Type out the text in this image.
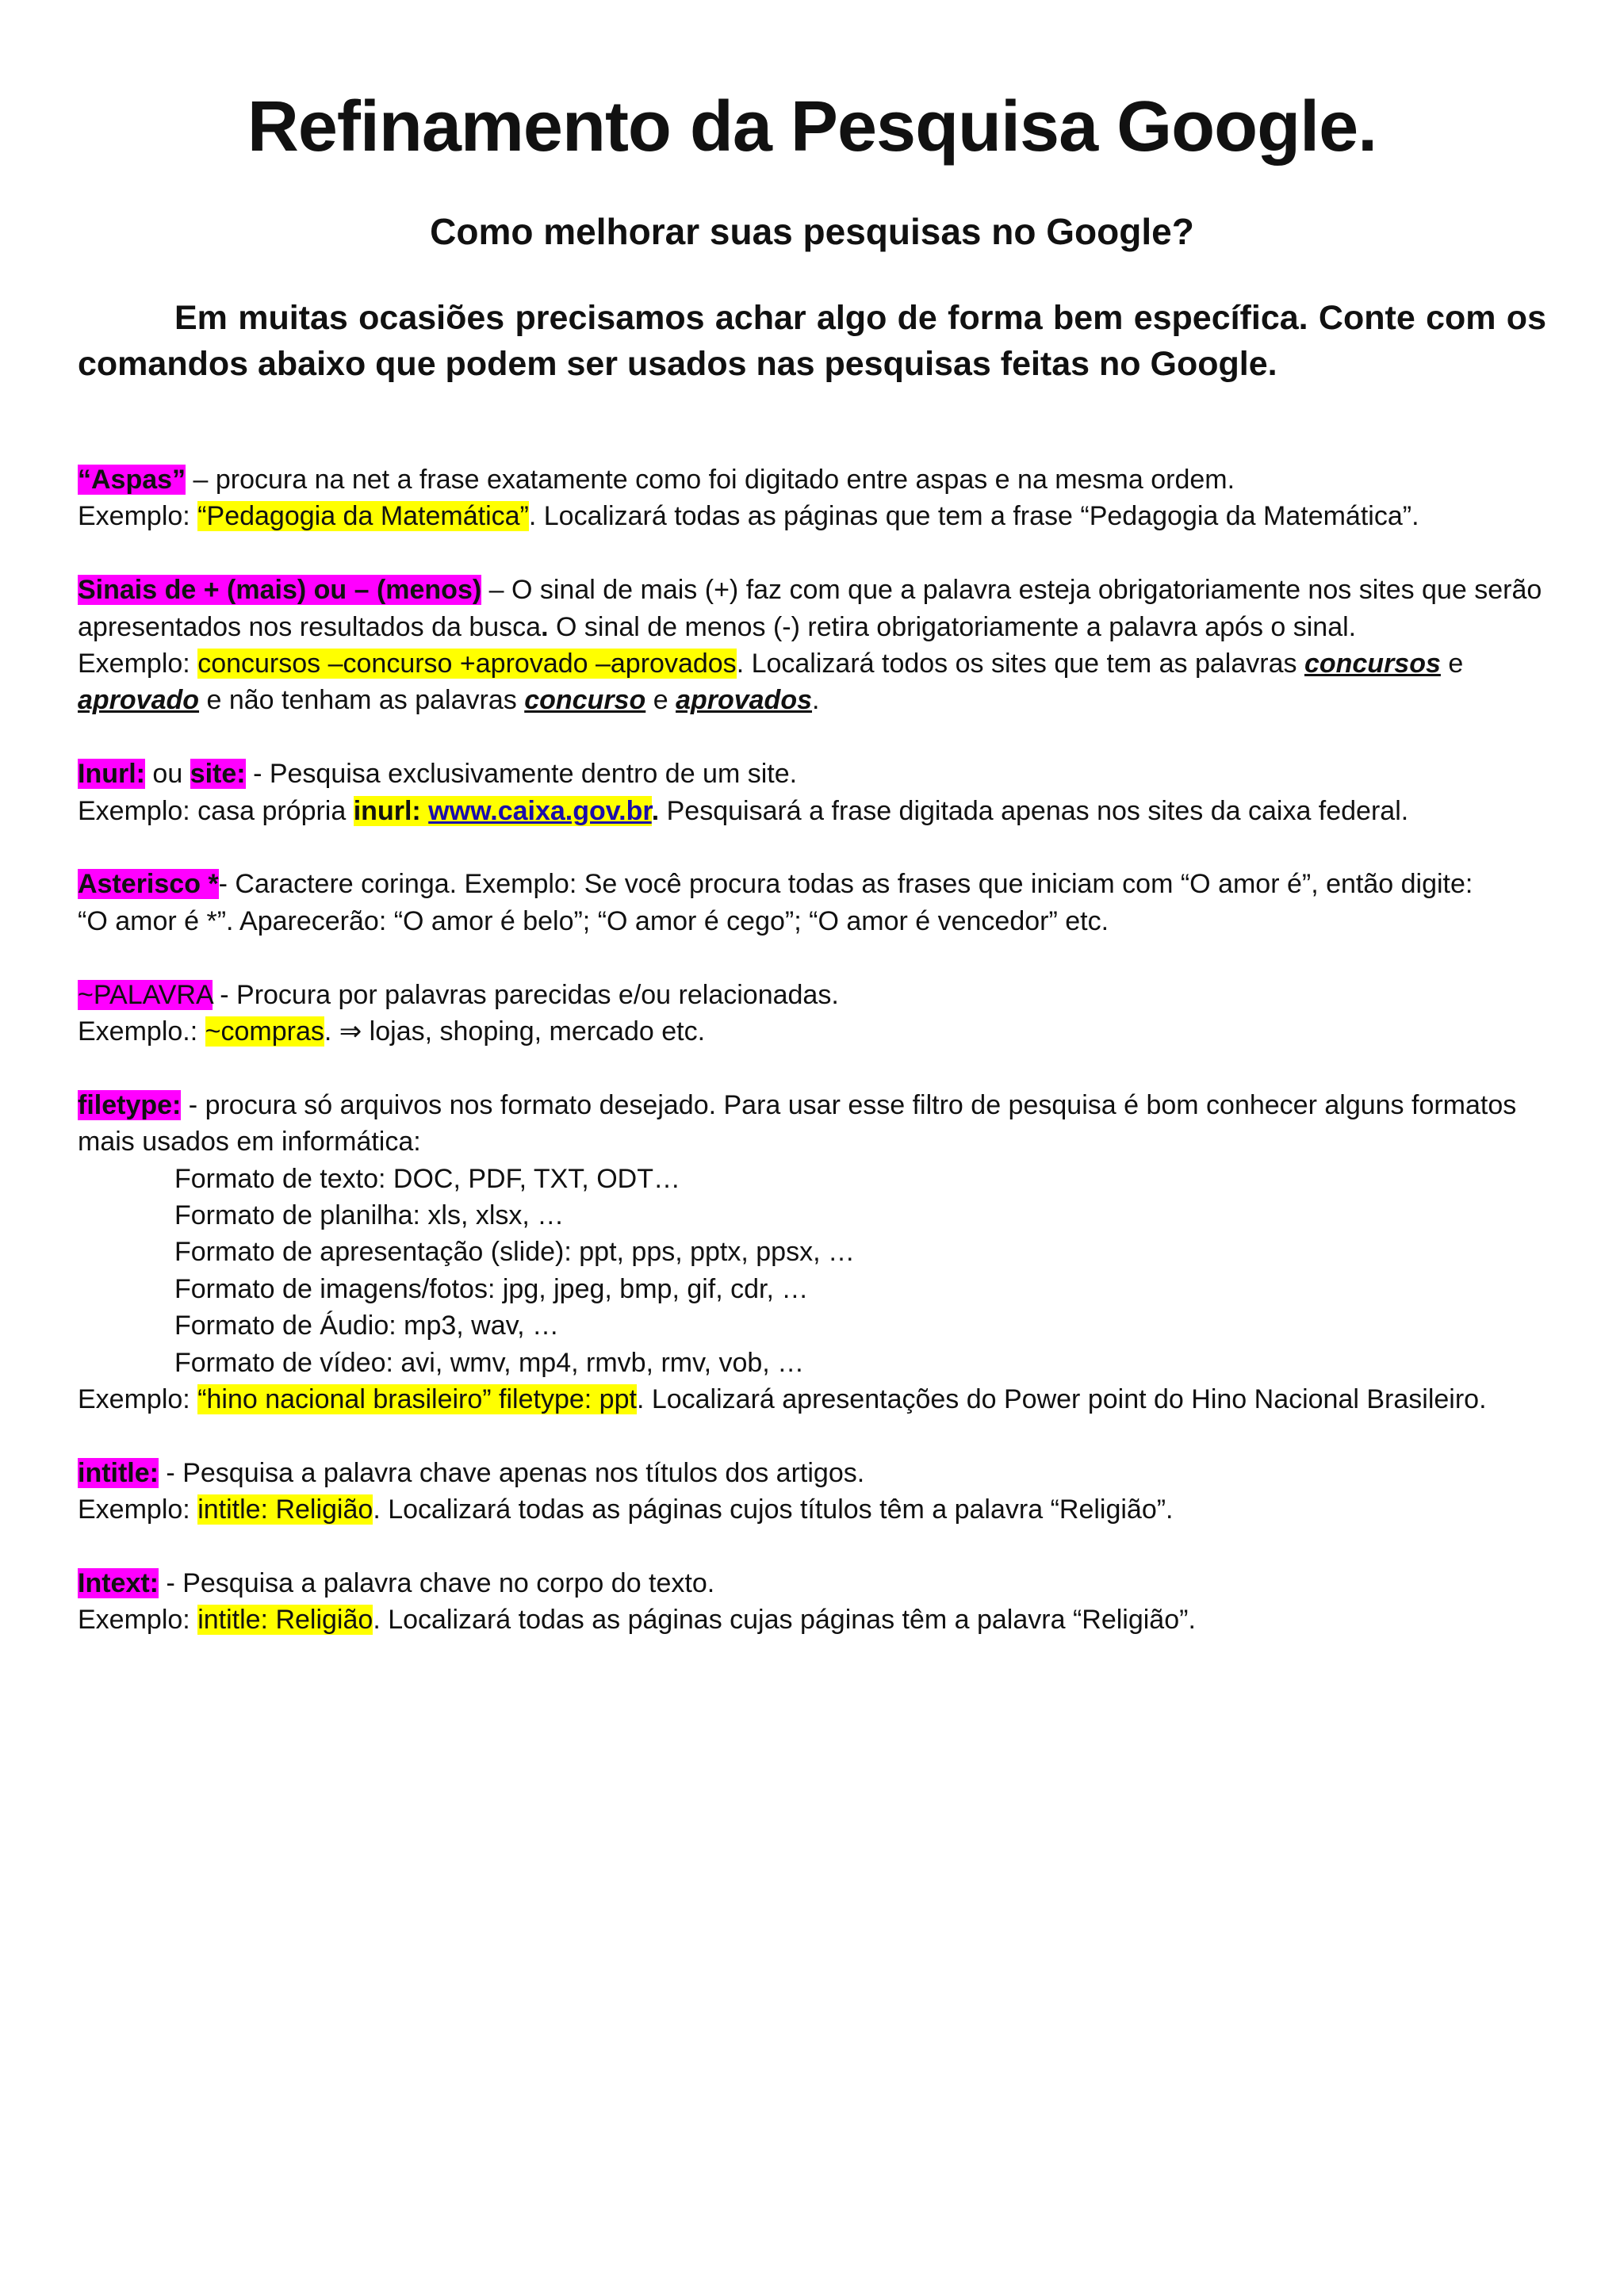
Refinamento da Pesquisa Google.
Como melhorar suas pesquisas no Google?
Em muitas ocasiões precisamos achar algo de forma bem específica. Conte com os comandos abaixo que podem ser usados nas pesquisas feitas no Google.
“Aspas” – procura na net a frase exatamente como foi digitado entre aspas e na mesma ordem.
Exemplo: “Pedagogia da Matemática”. Localizará todas as páginas que tem a frase “Pedagogia da Matemática”.
Sinais de + (mais) ou – (menos) – O sinal de mais (+) faz com que a palavra esteja obrigatoriamente nos sites que serão
apresentados nos resultados da busca. O sinal de menos (-) retira obrigatoriamente a palavra após o sinal.
Exemplo: concursos –concurso +aprovado –aprovados. Localizará todos os sites que tem as palavras concursos e
aprovado e não tenham as palavras concurso e aprovados.
Inurl: ou site: - Pesquisa exclusivamente dentro de um site.
Exemplo: casa própria inurl: www.caixa.gov.br. Pesquisará a frase digitada apenas nos sites da caixa federal.
Asterisco *- Caractere coringa. Exemplo: Se você procura todas as frases que iniciam com “O amor é”, então digite:
“O amor é *”. Aparecerão: “O amor é belo”; “O amor é cego”; “O amor é vencedor” etc.
~PALAVRA - Procura por palavras parecidas e/ou relacionadas.
Exemplo.: ~compras. ⇒ lojas, shoping, mercado etc.
filetype: - procura só arquivos nos formato desejado. Para usar esse filtro de pesquisa é bom conhecer alguns formatos
mais usados em informática:
Formato de texto: DOC, PDF, TXT, ODT…
Formato de planilha: xls, xlsx, …
Formato de apresentação (slide): ppt, pps, pptx, ppsx, …
Formato de imagens/fotos: jpg, jpeg, bmp, gif, cdr, …
Formato de Áudio: mp3, wav, …
Formato de vídeo: avi, wmv, mp4, rmvb, rmv, vob, …
Exemplo: “hino nacional brasileiro” filetype: ppt. Localizará apresentações do Power point do Hino Nacional Brasileiro.
intitle: - Pesquisa a palavra chave apenas nos títulos dos artigos.
Exemplo: intitle: Religião. Localizará todas as páginas cujos títulos têm a palavra “Religião”.
Intext: - Pesquisa a palavra chave no corpo do texto.
Exemplo: intitle: Religião. Localizará todas as páginas cujas páginas têm a palavra “Religião”.
